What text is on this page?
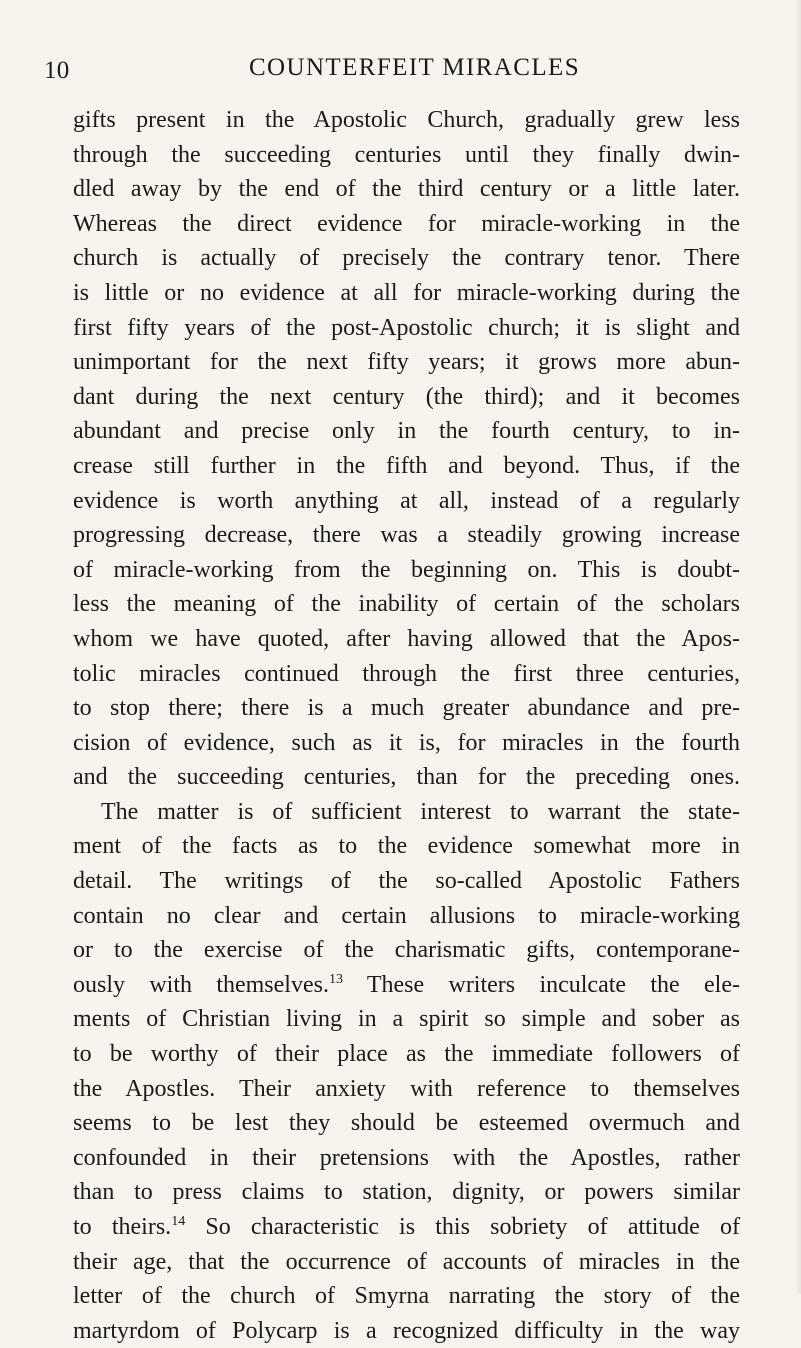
10	COUNTERFEIT MIRACLES
gifts present in the Apostolic Church, gradually grew less
through the succeeding centuries until they finally dwin-
dled away by the end of the third century or a little later.
Whereas the direct evidence for miracle-working in the
church is actually of precisely the contrary tenor. There
is little or no evidence at all for miracle-working during the
first fifty years of the post-Apostolic church; it is slight and
unimportant for the next fifty years; it grows more abun-
dant during the next century (the third); and it becomes
abundant and precise only in the fourth century, to in-
crease still further in the fifth and beyond. Thus, if the
evidence is worth anything at all, instead of a regularly
progressing decrease, there was a steadily growing increase
of miracle-working from the beginning on. This is doubt-
less the meaning of the inability of certain of the scholars
whom we have quoted, after having allowed that the Apos-
tolic miracles continued through the first three centuries,
to stop there; there is a much greater abundance and pre-
cision of evidence, such as it is, for miracles in the fourth
and the succeeding centuries, than for the preceding ones.
The matter is of sufficient interest to warrant the state-
ment of the facts as to the evidence somewhat more in
detail. The writings of the so-called Apostolic Fathers
contain no clear and certain allusions to miracle-working
or to the exercise of the charismatic gifts, contemporane-
ously with themselves.$^{13}$ These writers inculcate the ele-
ments of Christian living in a spirit so simple and sober as
to be worthy of their place as the immediate followers of
the Apostles. Their anxiety with reference to themselves
seems to be lest they should be esteemed overmuch and
confounded in their pretensions with the Apostles, rather
than to press claims to station, dignity, or powers similar
to theirs.$^{14}$ So characteristic is this sobriety of attitude of
their age, that the occurrence of accounts of miracles in the
letter of the church of Smyrna narrating the story of the
martyrdom of Polycarp is a recognized difficulty in the way
